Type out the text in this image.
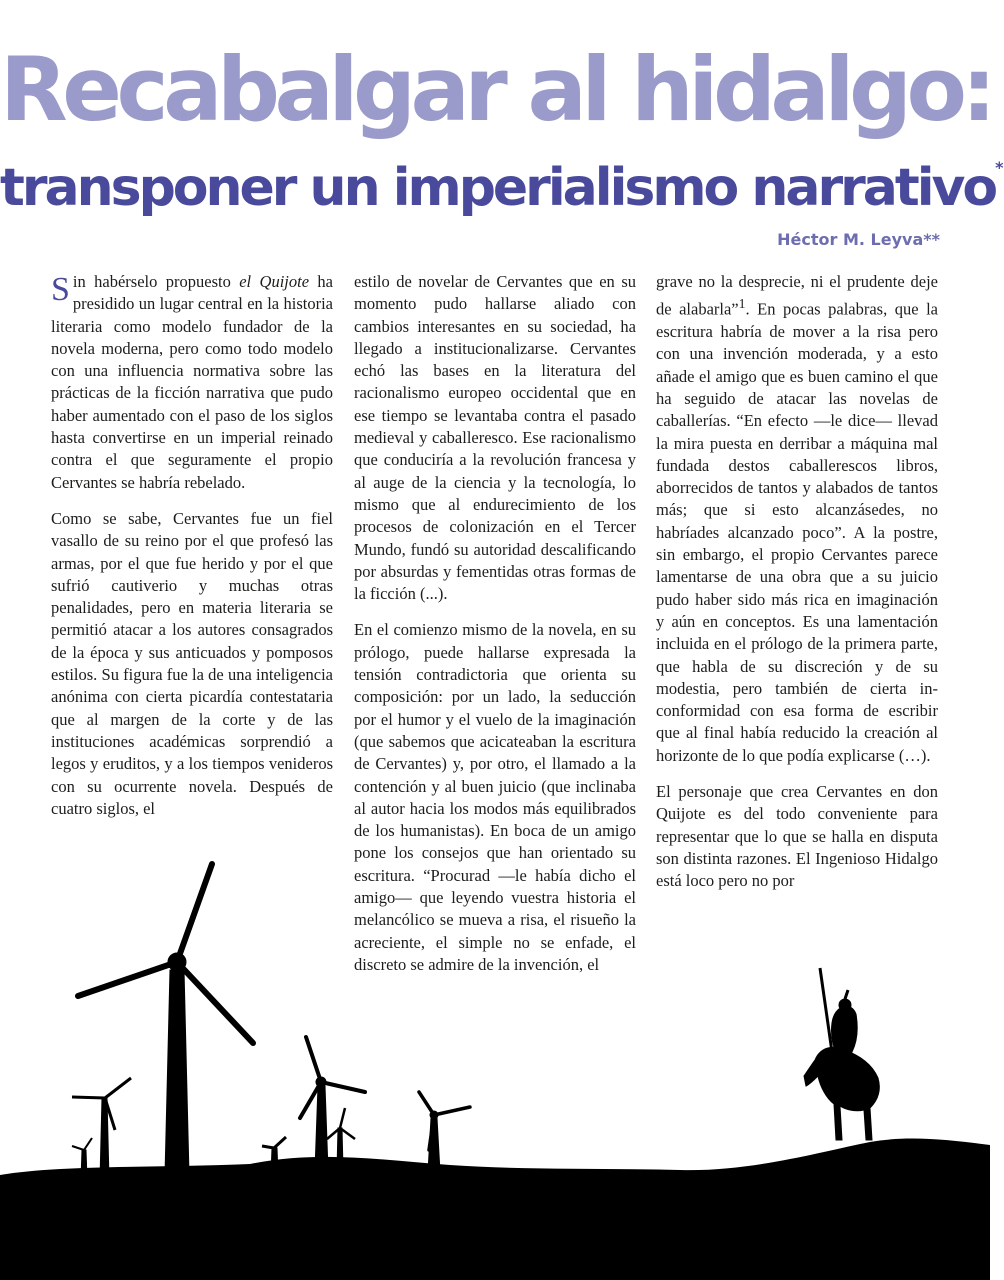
Recabalgar al hidalgo:
transponer un imperialismo narrativo*
Héctor M. Leyva**

Sin habérselo propuesto el Quijote ha presidido un lugar central en la historia literaria como modelo fundador de la novela moderna, pero como todo modelo con una influencia normativa sobre las prácticas de la ficción narrativa que pudo haber aumentado con el paso de los siglos hasta convertirse en un imperial reinado contra el que seguramente el propio Cervantes se habría rebelado.

Como se sabe, Cervantes fue un fiel vasallo de su reino por el que profesó las armas, por el que fue herido y por el que sufrió cautiverio y muchas otras penalidades, pero en materia literaria se permitió atacar a los autores consagrados de la época y sus anticuados y pomposos estilos. Su figura fue la de una inteligencia anónima con cierta picardía contestataria que al margen de la corte y de las instituciones académicas sorprendió a legos y eruditos, y a los tiempos venideros con su ocurrente novela. Después de cuatro siglos, el

estilo de novelar de Cervantes que en su momento pudo hallarse aliado con cambios interesantes en su sociedad, ha llegado a institucionalizarse. Cervantes echó las bases en la literatura del racionalismo europeo occidental que en ese tiempo se levantaba contra el pasado medieval y caballeresco. Ese racionalismo que conduciría a la revolución francesa y al auge de la ciencia y la tecnología, lo mismo que al endurecimiento de los procesos de colonización en el Tercer Mundo, fundó su autoridad descalificando por absurdas y fementidas otras formas de la ficción (...).

En el comienzo mismo de la novela, en su prólogo, puede hallarse expresada la tensión contradictoria que orienta su composición: por un lado, la seducción por el humor y el vuelo de la imaginación (que sabemos que acicateaban la escritura de Cervantes) y, por otro, el llamado a la contención y al buen juicio (que inclinaba al autor hacia los modos más equilibrados de los humanistas). En boca de un amigo pone los consejos que han orientado su escritura. “Procurad —le había dicho el amigo— que leyendo vuestra historia el melancólico se mueva a risa, el risueño la acreciente, el simple no se enfade, el discreto se admire de la invención, el

grave no la desprecie, ni el prudente deje de alabarla”$^1$. En pocas palabras, que la escritura habría de mover a la risa pero con una invención moderada, y a esto añade el amigo que es buen camino el que ha seguido de atacar las novelas de caballerías. “En efecto —le dice— llevad la mira puesta en derribar a máquina mal fundada destos caballerescos libros, aborrecidos de tantos y alabados de tantos más; que si esto alcanzásedes, no habríades alcanzado poco”. A la postre, sin embargo, el propio Cervantes parece lamentarse de una obra que a su juicio pudo haber sido más rica en imaginación y aún en conceptos. Es una lamentación incluida en el prólogo de la primera parte, que habla de su discreción y de su modestia, pero también de cierta inconformidad con esa forma de escribir que al final había reducido la creación al horizonte de lo que podía explicarse (…).

El personaje que crea Cervantes en don Quijote es del todo conveniente para representar que lo que se halla en disputa son distinta razones. El Ingenioso Hidalgo está loco pero no por
